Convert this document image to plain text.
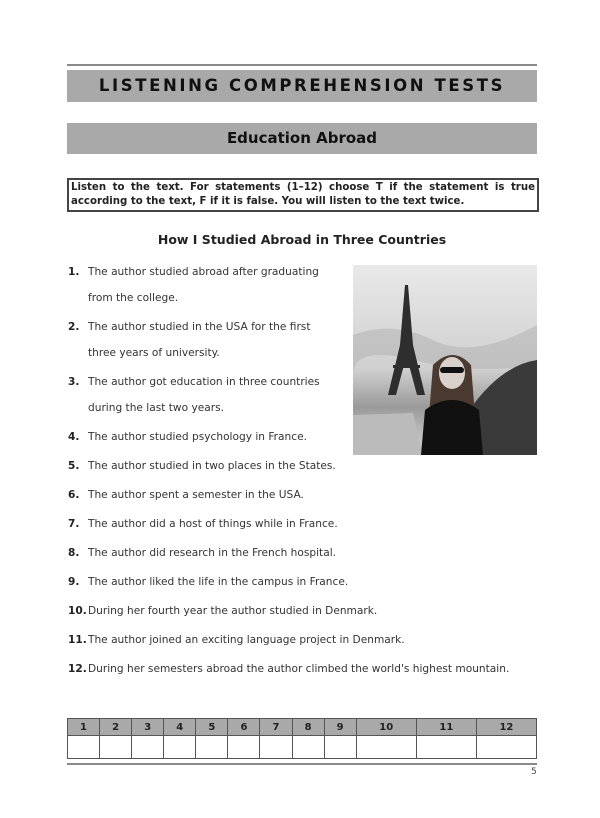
LISTENING COMPREHENSION TESTS
Education Abroad
Listen to the text. For statements (1–12) choose T if the statement is true according to the text, F if it is false. You will listen to the text twice.
How I Studied Abroad in Three Countries
1. The author studied abroad after graduating
from the college.
2. The author studied in the USA for the first
three years of university.
3. The author got education in three countries
during the last two years.
4. The author studied psychology in France.
5. The author studied in two places in the States.
6. The author spent a semester in the USA.
7. The author did a host of things while in France.
8. The author did research in the French hospital.
9. The author liked the life in the campus in France.
10.During her fourth year the author studied in Denmark.
11.The author joined an exciting language project in Denmark.
12.During her semesters abroad the author climbed the world's highest mountain.
1	2	3	4	5	6	7	8	9	10	11	12

5
